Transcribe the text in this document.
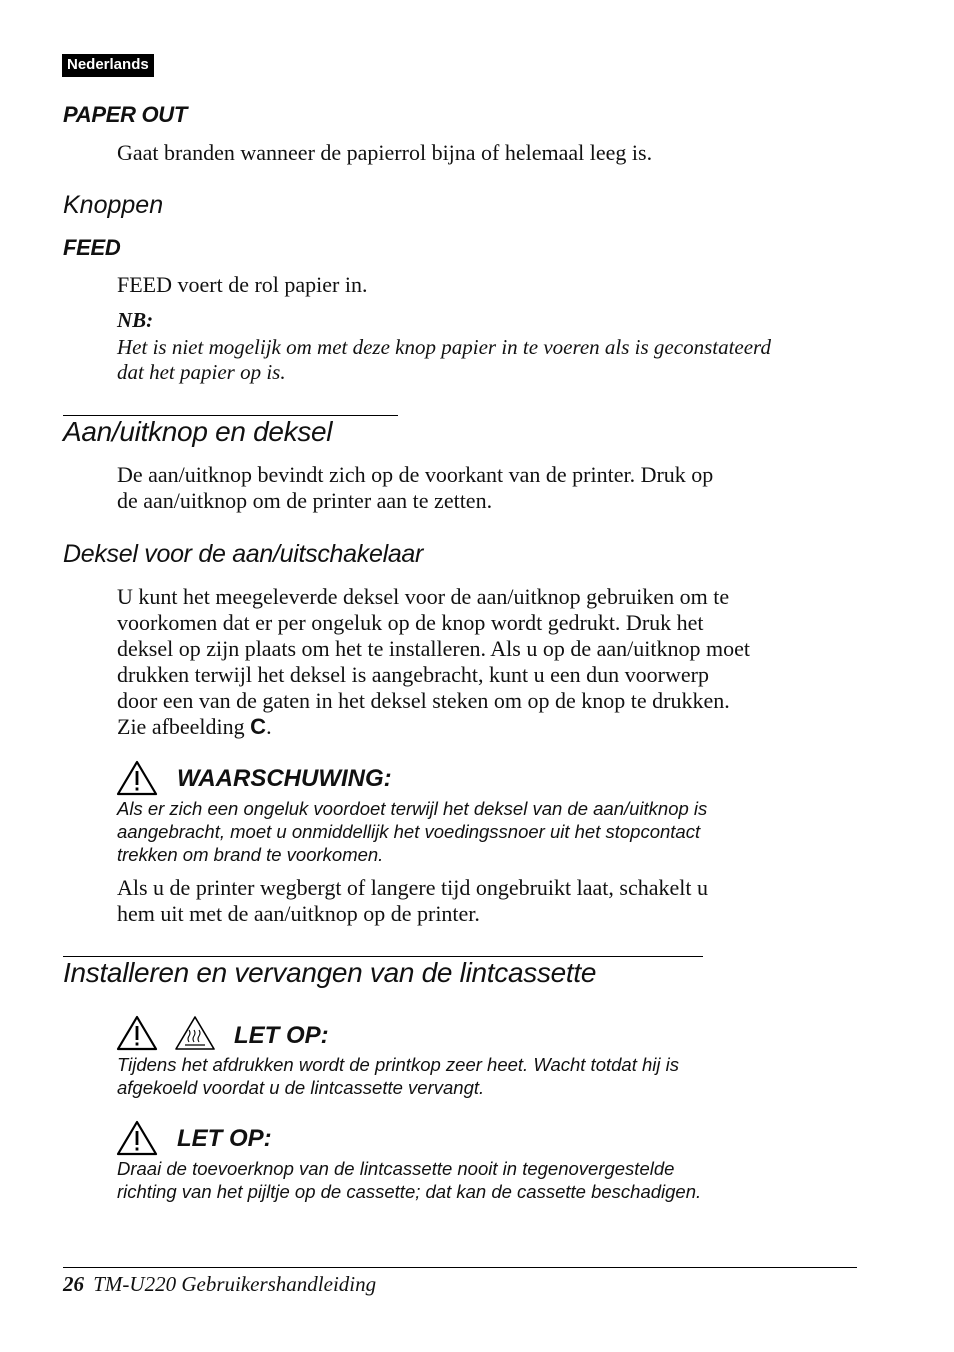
Nederlands
PAPER OUT
Gaat branden wanneer de papierrol bijna of helemaal leeg is.
Knoppen
FEED
FEED voert de rol papier in.
NB:
Het is niet mogelijk om met deze knop papier in te voeren als is geconstateerd
dat het papier op is.
Aan/uitknop en deksel
De aan/uitknop bevindt zich op de voorkant van de printer. Druk op
de aan/uitknop om de printer aan te zetten.
Deksel voor de aan/uitschakelaar
U kunt het meegeleverde deksel voor de aan/uitknop gebruiken om te
voorkomen dat er per ongeluk op de knop wordt gedrukt. Druk het
deksel op zijn plaats om het te installeren. Als u op de aan/uitknop moet
drukken terwijl het deksel is aangebracht, kunt u een dun voorwerp
door een van de gaten in het deksel steken om op de knop te drukken.
Zie afbeelding C.
WAARSCHUWING:
Als er zich een ongeluk voordoet terwijl het deksel van de aan/uitknop is
aangebracht, moet u onmiddellijk het voedingssnoer uit het stopcontact
trekken om brand te voorkomen.
Als u de printer wegbergt of langere tijd ongebruikt laat, schakelt u
hem uit met de aan/uitknop op de printer.
Installeren en vervangen van de lintcassette
LET OP:
Tijdens het afdrukken wordt de printkop zeer heet. Wacht totdat hij is
afgekoeld voordat u de lintcassette vervangt.
LET OP:
Draai de toevoerknop van de lintcassette nooit in tegenovergestelde
richting van het pijltje op de cassette; dat kan de cassette beschadigen.
26 TM-U220 Gebruikershandleiding
